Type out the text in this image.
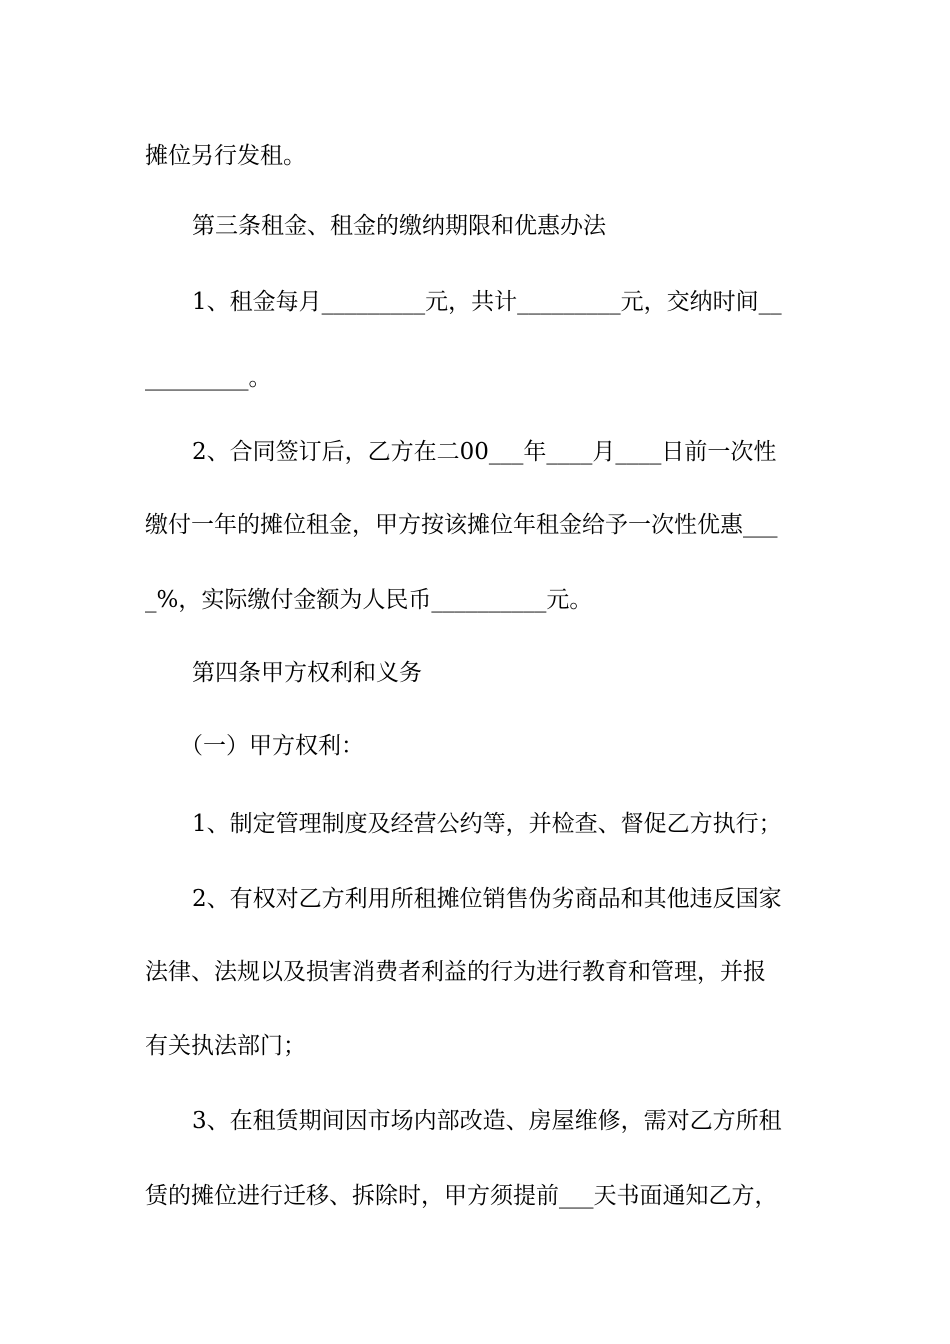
摊位另行发租。
第三条租金、租金的缴纳期限和优惠办法
1、租金每月_________元，共计_________元，交纳时间__
_________。
2、合同签订后，乙方在二00___年____月____日前一次性
缴付一年的摊位租金，甲方按该摊位年租金给予一次性优惠___
_%，实际缴付金额为人民币__________元。
第四条甲方权利和义务
（一）甲方权利：
1、制定管理制度及经营公约等，并检查、督促乙方执行；
2、有权对乙方利用所租摊位销售伪劣商品和其他违反国家
法律、法规以及损害消费者利益的行为进行教育和管理，并报
有关执法部门；
3、在租赁期间因市场内部改造、房屋维修，需对乙方所租
赁的摊位进行迁移、拆除时，甲方须提前___天书面通知乙方，
